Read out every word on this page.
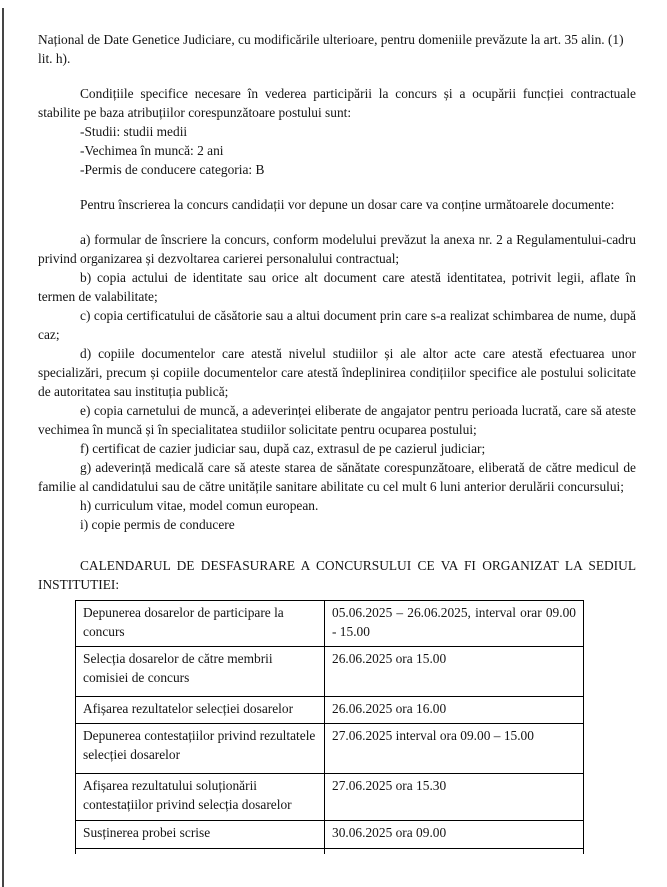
Național de Date Genetice Judiciare, cu modificările ulterioare, pentru domeniile prevăzute la art. 35 alin. (1) lit. h).

Condițiile specifice necesare în vederea participării la concurs și a ocupării funcției contractuale stabilite pe baza atribuțiilor corespunzătoare postului sunt:

-Studii: studii medii

-Vechimea în muncă: 2 ani

-Permis de conducere categoria: B

Pentru înscrierea la concurs candidații vor depune un dosar care va conține următoarele documente:

a) formular de înscriere la concurs, conform modelului prevăzut la anexa nr. 2 a Regulamentului-cadru privind organizarea și dezvoltarea carierei personalului contractual;

b) copia actului de identitate sau orice alt document care atestă identitatea, potrivit legii, aflate în termen de valabilitate;

c) copia certificatului de căsătorie sau a altui document prin care s-a realizat schimbarea de nume, după caz;

d) copiile documentelor care atestă nivelul studiilor și ale altor acte care atestă efectuarea unor specializări, precum și copiile documentelor care atestă îndeplinirea condițiilor specifice ale postului solicitate de autoritatea sau instituția publică;

e) copia carnetului de muncă, a adeverinței eliberate de angajator pentru perioada lucrată, care să ateste vechimea în muncă și în specialitatea studiilor solicitate pentru ocuparea postului;

f) certificat de cazier judiciar sau, după caz, extrasul de pe cazierul judiciar;

g) adeverință medicală care să ateste starea de sănătate corespunzătoare, eliberată de către medicul de familie al candidatului sau de către unitățile sanitare abilitate cu cel mult 6 luni anterior derulării concursului;

h) curriculum vitae, model comun european.

i) copie permis de conducere

CALENDARUL DE DESFASURARE A CONCURSULUI CE VA FI ORGANIZAT LA SEDIUL INSTITUTIEI:

Depunerea dosarelor de participare la concurs	05.06.2025 – 26.06.2025, interval orar 09.00 - 15.00
Selecția dosarelor de către membrii comisiei de concurs	26.06.2025 ora 15.00
Afișarea rezultatelor selecției dosarelor	26.06.2025 ora 16.00
Depunerea contestațiilor privind rezultatele selecției dosarelor	27.06.2025 interval ora 09.00 – 15.00
Afișarea rezultatului soluționării contestațiilor privind selecția dosarelor	27.06.2025 ora 15.30
Susținerea probei scrise	30.06.2025 ora 09.00
